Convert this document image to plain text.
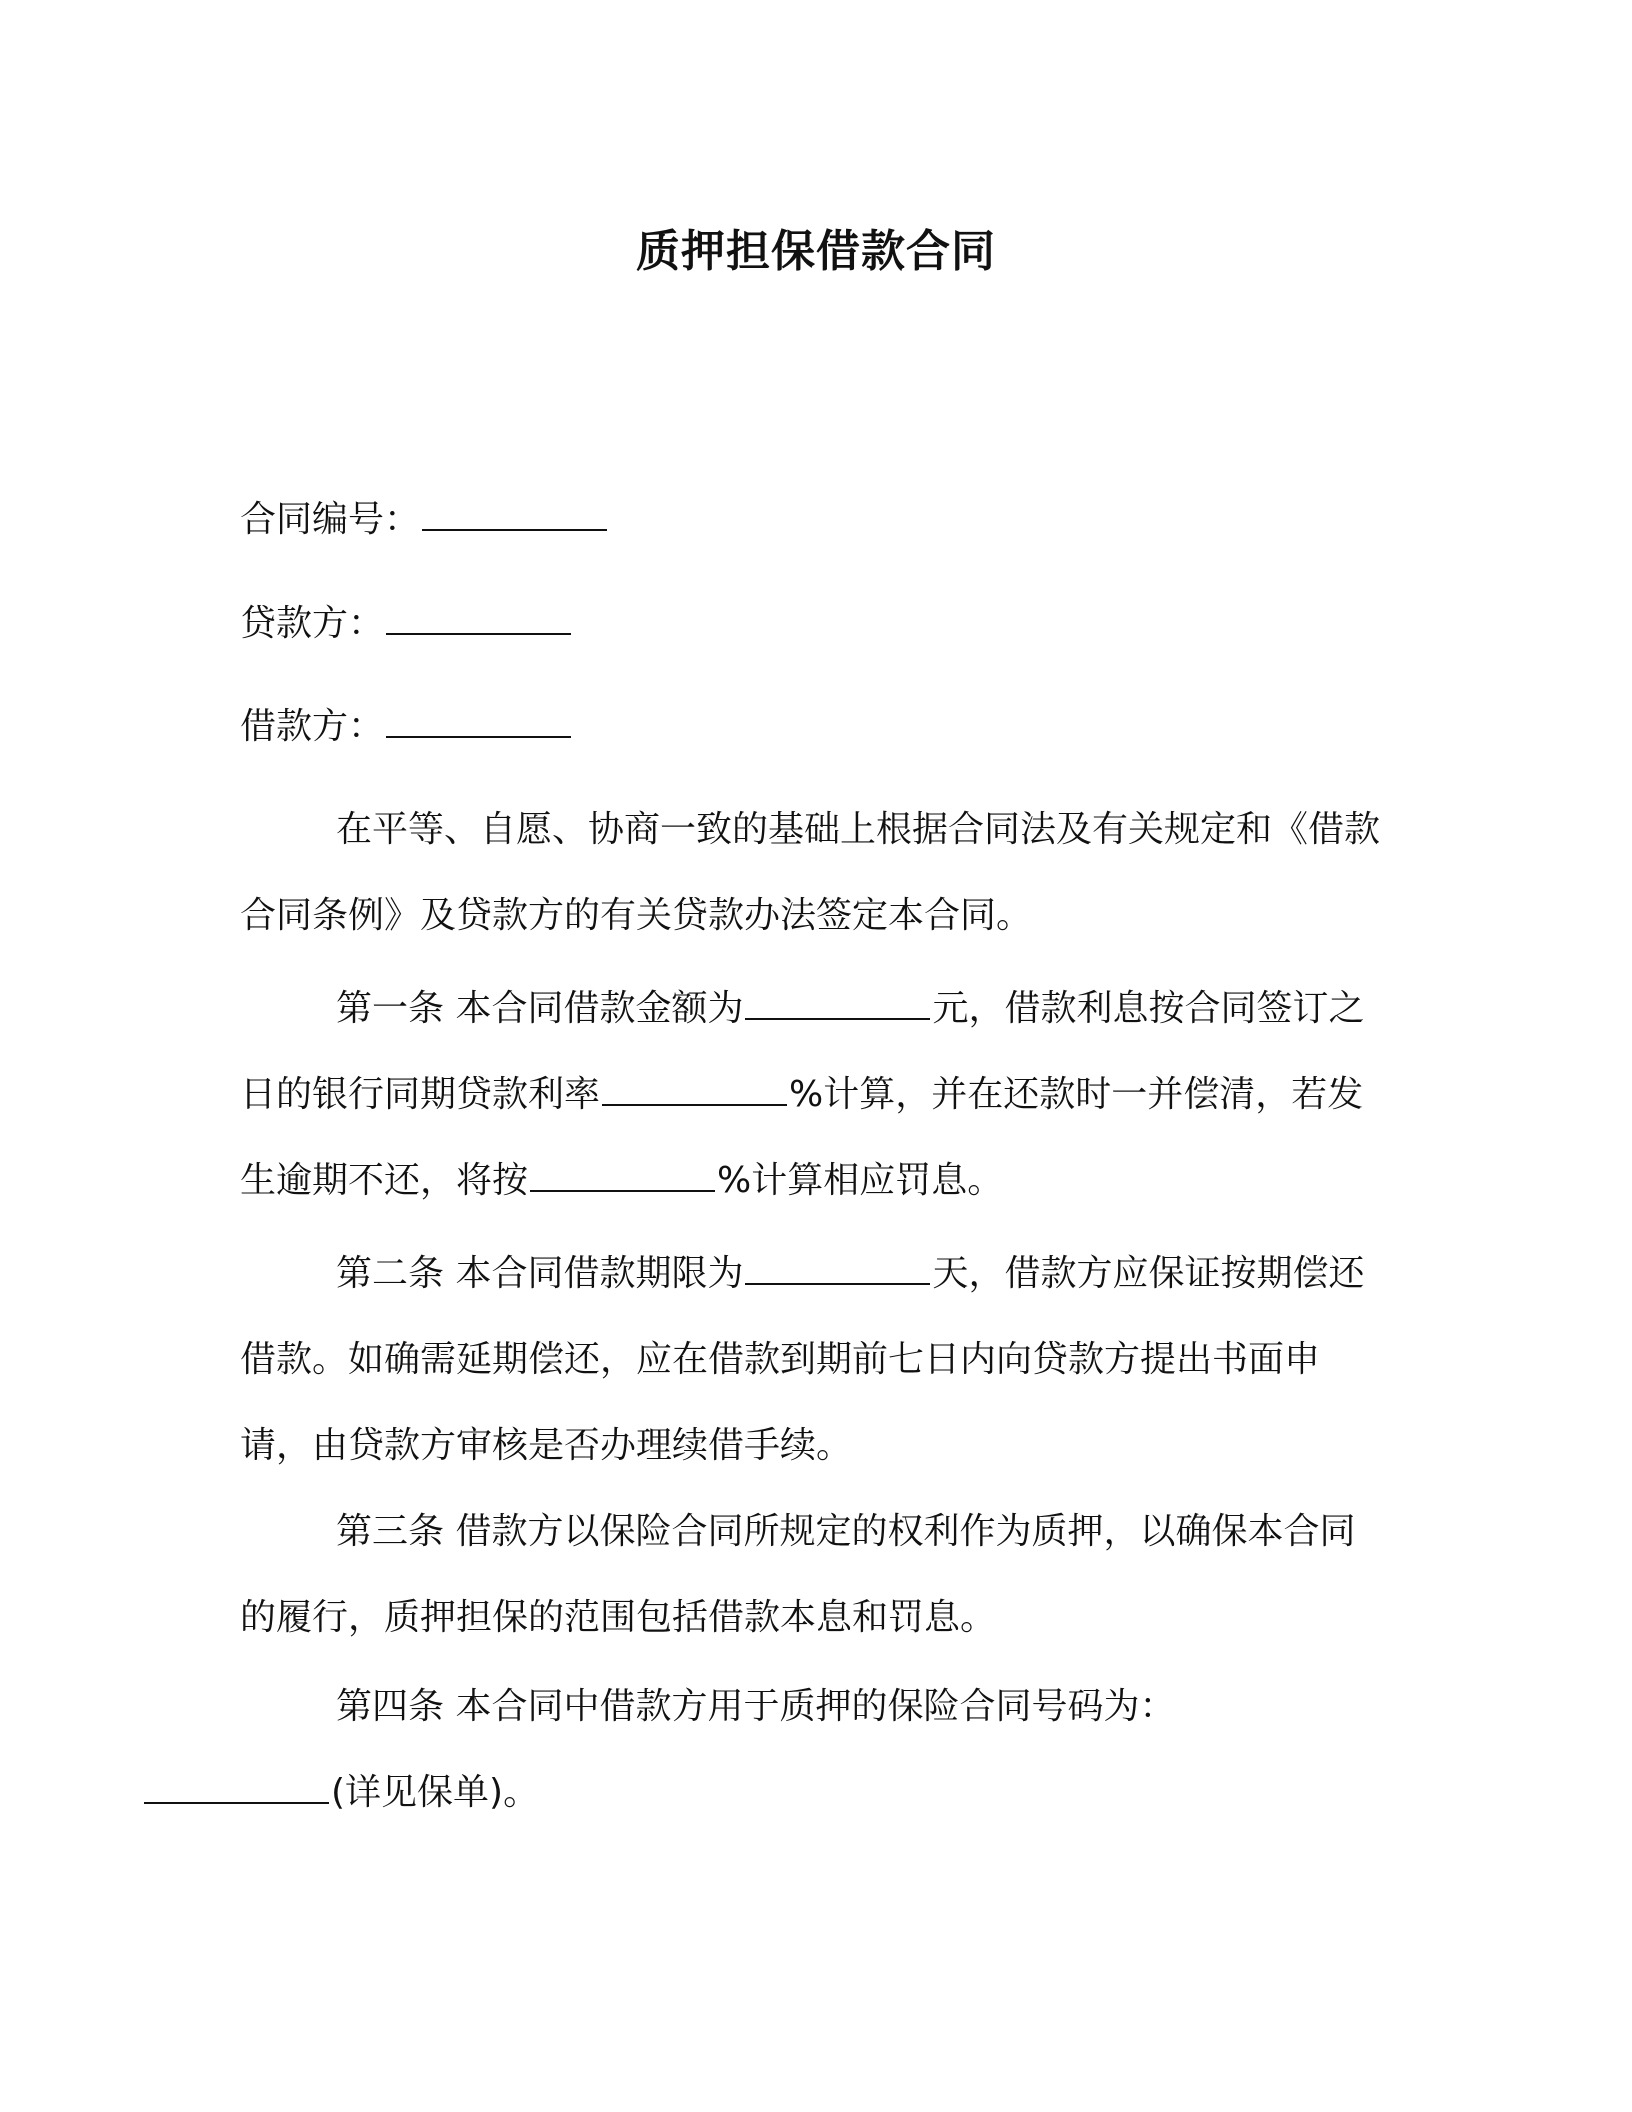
质押担保借款合同

合同编号：

贷款方：

借款方：

在平等、自愿、协商一致的基础上根据合同法及有关规定和《借款合同条例》及贷款方的有关贷款办法签定本合同。

第一条 本合同借款金额为	元，借款利息按合同签订之日的银行同期贷款利率	%计算，并在还款时一并偿清，若发生逾期不还，将按	%计算相应罚息。

第二条 本合同借款期限为	天，借款方应保证按期偿还借款。如确需延期偿还，应在借款到期前七日内向贷款方提出书面申请，由贷款方审核是否办理续借手续。

第三条 借款方以保险合同所规定的权利作为质押，以确保本合同的履行，质押担保的范围包括借款本息和罚息。

第四条 本合同中借款方用于质押的保险合同号码为：
(详见保单)。
